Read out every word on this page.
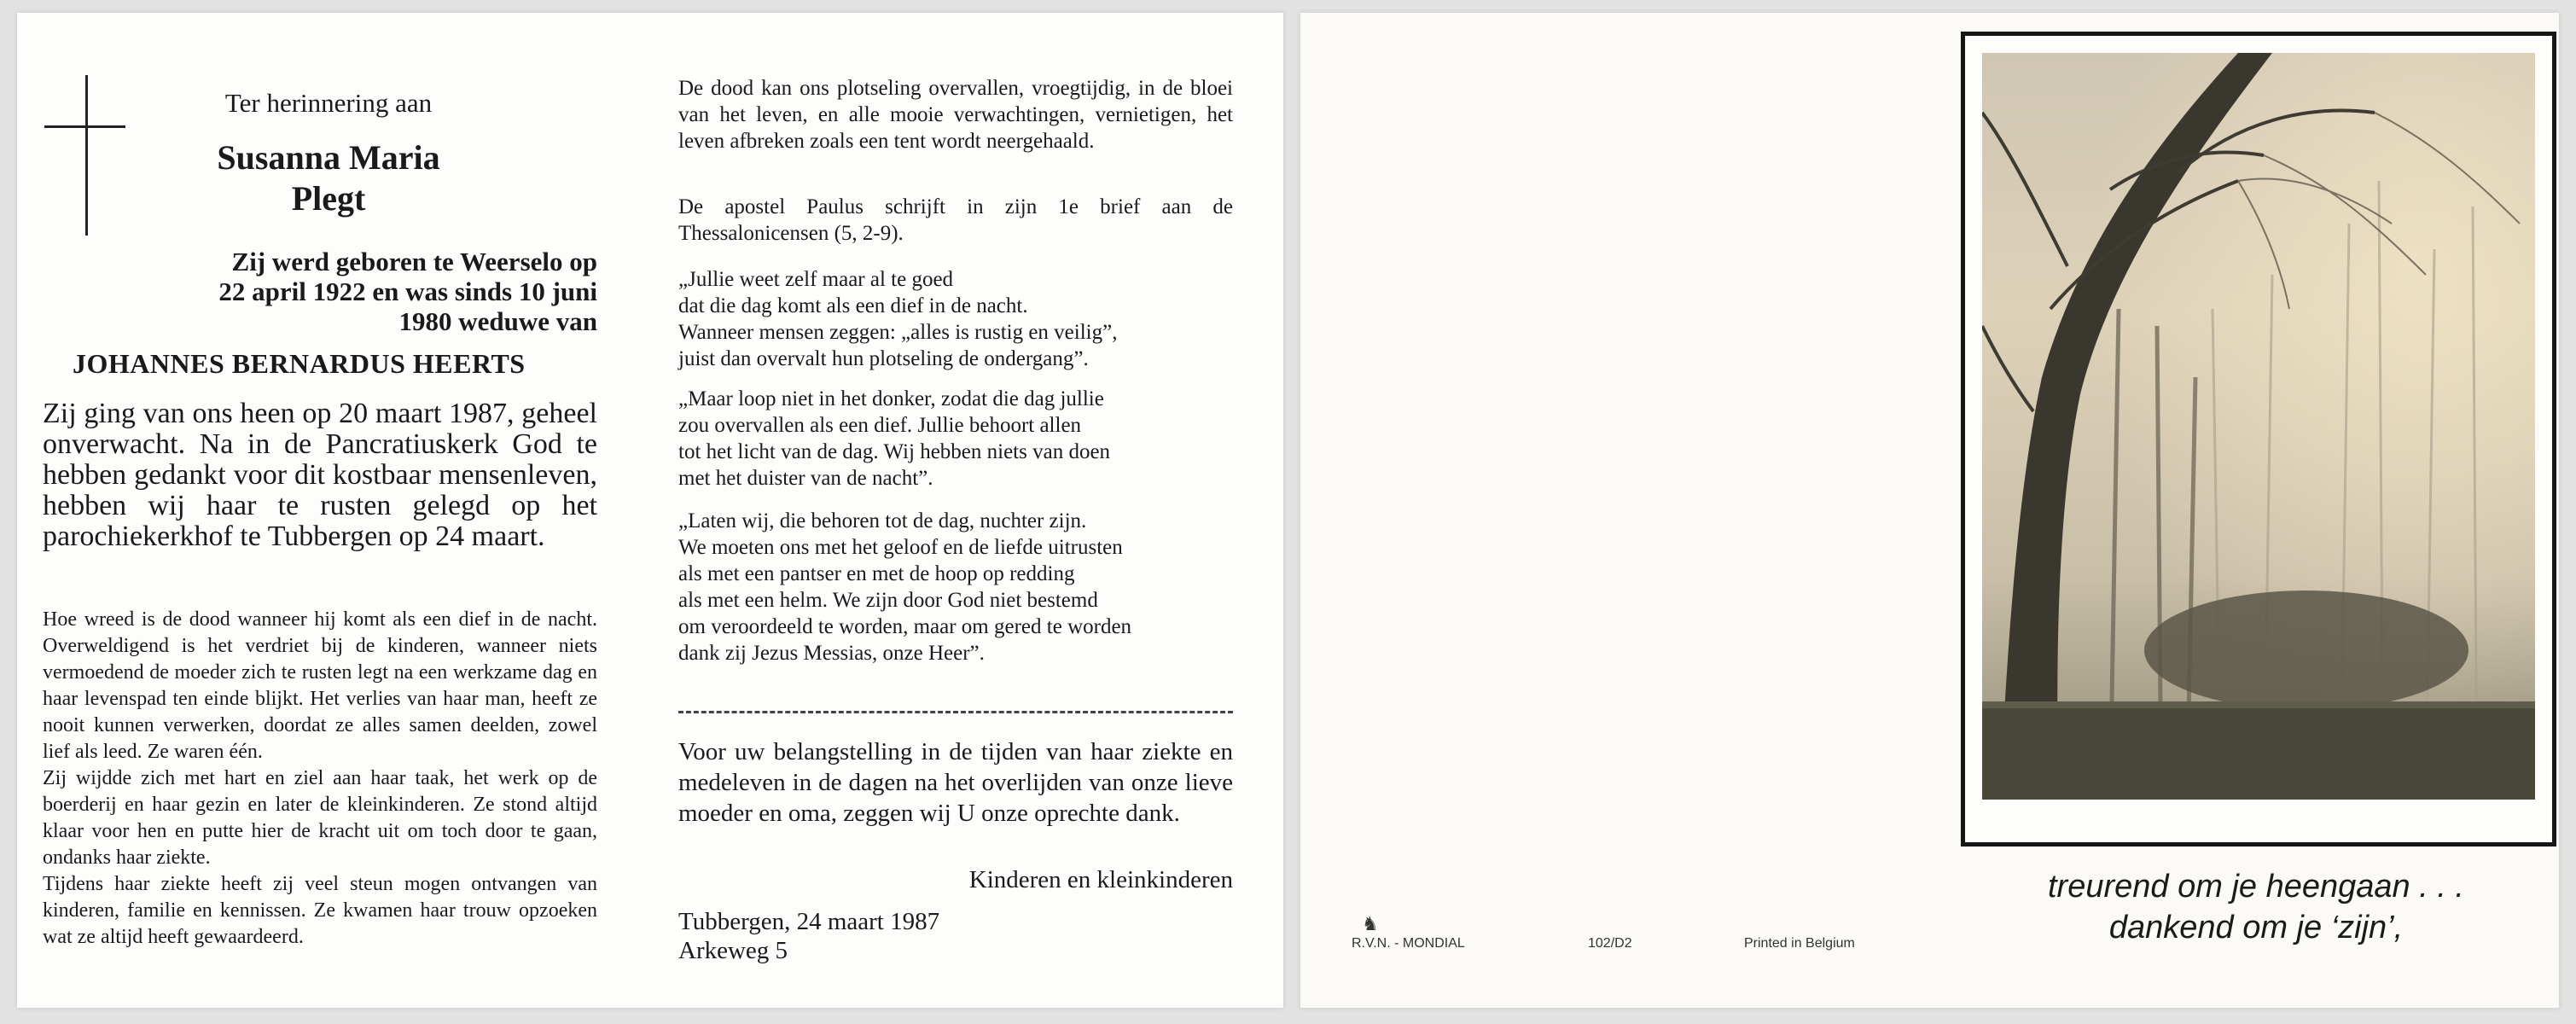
Ter herinnering aan
Susanna Maria
Plegt
Zij werd geboren te Weerselo op
22 april 1922 en was sinds 10 juni
1980 weduwe van
JOHANNES BERNARDUS HEERTS

Zij ging van ons heen op 20 maart 1987, geheel onverwacht. Na in de Pancratiuskerk God te hebben gedankt voor dit kostbaar mensenleven, hebben wij haar te rusten gelegd op het parochiekerkhof te Tubbergen op 24 maart.

Hoe wreed is de dood wanneer hij komt als een dief in de nacht. Overweldigend is het verdriet bij de kinderen, wanneer niets vermoedend de moeder zich te rusten legt na een werkzame dag en haar levenspad ten einde blijkt. Het verlies van haar man, heeft ze nooit kunnen verwerken, doordat ze alles samen deelden, zowel lief als leed. Ze waren één.

Zij wijdde zich met hart en ziel aan haar taak, het werk op de boerderij en haar gezin en later de kleinkinderen. Ze stond altijd klaar voor hen en putte hier de kracht uit om toch door te gaan, ondanks haar ziekte.

Tijdens haar ziekte heeft zij veel steun mogen ontvangen van kinderen, familie en kennissen. Ze kwamen haar trouw opzoeken wat ze altijd heeft gewaardeerd.

De dood kan ons plotseling overvallen, vroegtijdig, in de bloei van het leven, en alle mooie verwachtingen, vernietigen, het leven afbreken zoals een tent wordt neergehaald.

De apostel Paulus schrijft in zijn 1e brief aan de Thessalonicensen (5, 2-9).

„Jullie weet zelf maar al te goed

dat die dag komt als een dief in de nacht.

Wanneer mensen zeggen: „alles is rustig en veilig”,

juist dan overvalt hun plotseling de ondergang”.

„Maar loop niet in het donker, zodat die dag jullie

zou overvallen als een dief. Jullie behoort allen

tot het licht van de dag. Wij hebben niets van doen

met het duister van de nacht”.

„Laten wij, die behoren tot de dag, nuchter zijn.

We moeten ons met het geloof en de liefde uitrusten

als met een pantser en met de hoop op redding

als met een helm. We zijn door God niet bestemd

om veroordeeld te worden, maar om gered te worden

dank zij Jezus Messias, onze Heer”.

Voor uw belangstelling in de tijden van haar ziekte en medeleven in de dagen na het overlijden van onze lieve moeder en oma, zeggen wij U onze oprechte dank.

Kinderen en kleinkinderen
Tubbergen, 24 maart 1987
Arkeweg 5
♞
R.V.N. - MONDIAL	102/D2	Printed in Belgium
treurend om je heengaan . . .
dankend om je ‘zijn’,
